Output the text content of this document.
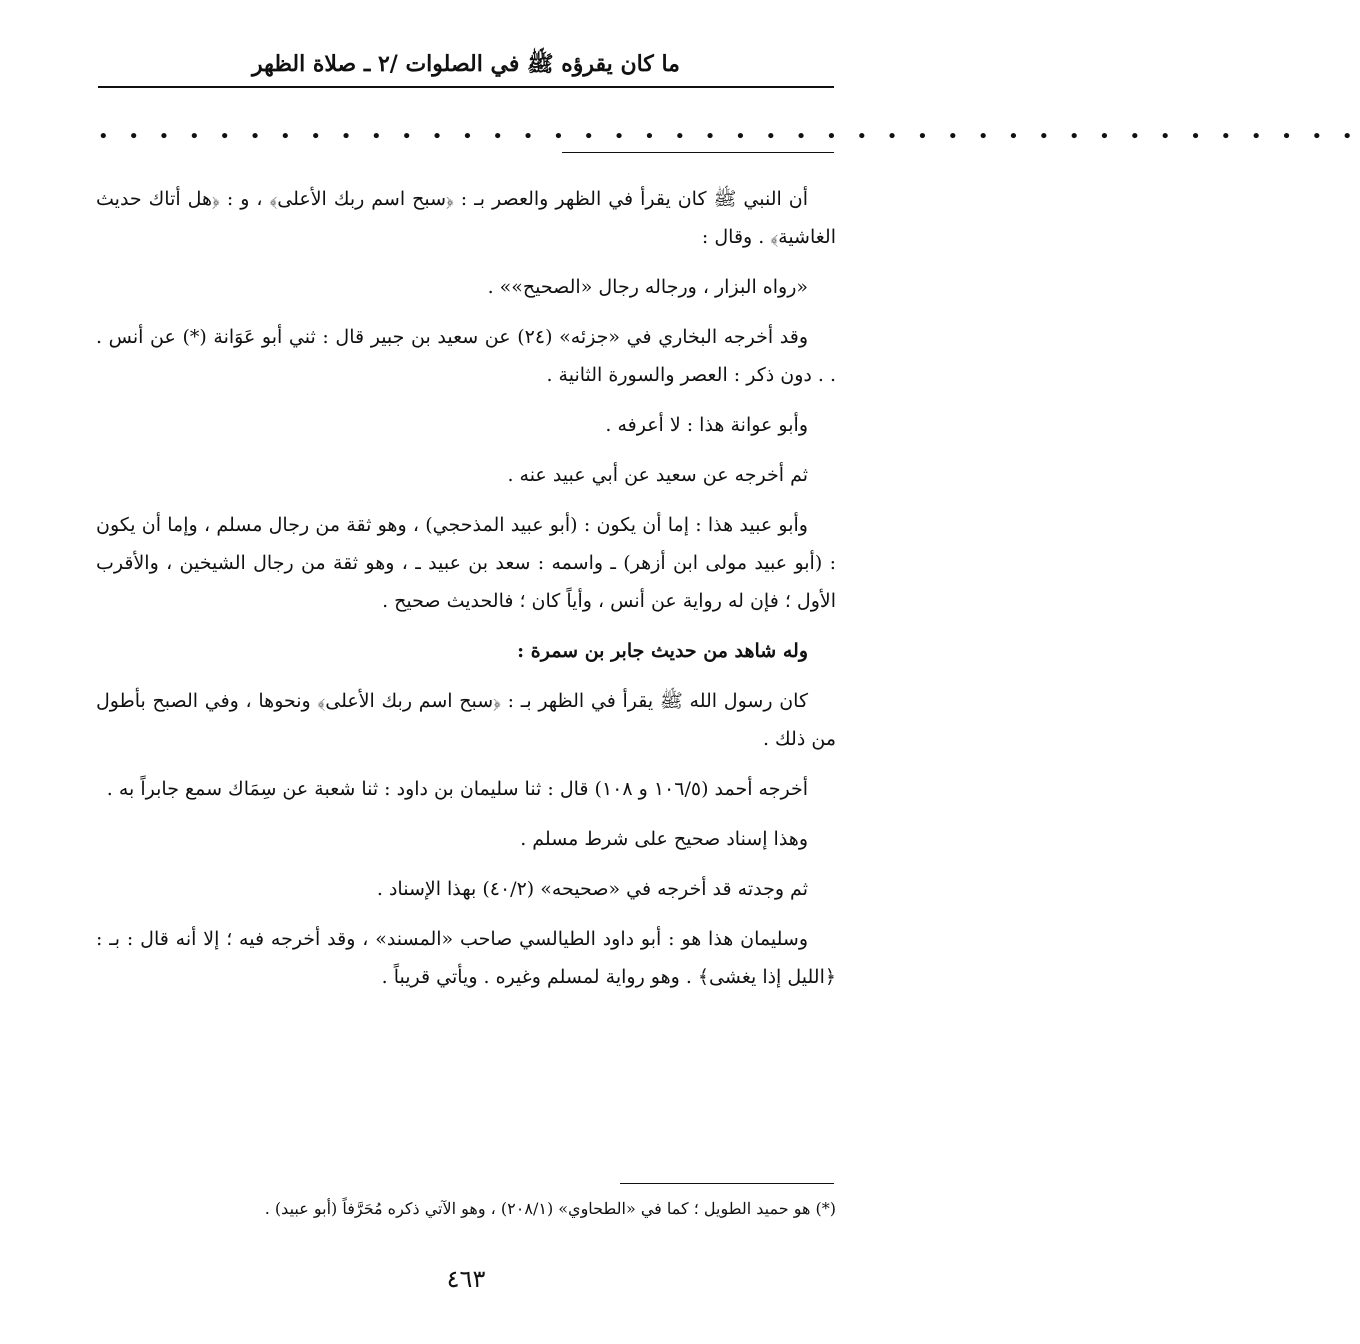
ما كان يقرؤه ﷺ في الصلوات /٢ ـ صلاة الظهر
• • • • • • • • • • • • • • • • • • • • • • • • • • • • • • • • • • • • • • • • • •

أن النبي ﷺ كان يقرأ في الظهر والعصر بـ : ﴿سبح اسم ربك الأعلى﴾ ، و : ﴿هل أتاك حديث الغاشية﴾ . وقال :

«رواه البزار ، ورجاله رجال «الصحيح»» .

وقد أخرجه البخاري في «جزئه» (٢٤) عن سعيد بن جبير قال : ثني أبو عَوَانة (*) عن أنس . . . دون ذكر : العصر والسورة الثانية .

وأبو عوانة هذا : لا أعرفه .

ثم أخرجه عن سعيد عن أبي عبيد عنه .

وأبو عبيد هذا : إما أن يكون : (أبو عبيد المذحجي) ، وهو ثقة من رجال مسلم ، وإما أن يكون : (أبو عبيد مولى ابن أزهر) ـ واسمه : سعد بن عبيد ـ ، وهو ثقة من رجال الشيخين ، والأقرب الأول ؛ فإن له رواية عن أنس ، وأياً كان ؛ فالحديث صحيح .

وله شاهد من حديث جابر بن سمرة :

كان رسول الله ﷺ يقرأ في الظهر بـ : ﴿سبح اسم ربك الأعلى﴾ ونحوها ، وفي الصبح بأطول من ذلك .

أخرجه أحمد (١٠٦/٥ و ١٠٨) قال : ثنا سليمان بن داود : ثنا شعبة عن سِمَاك سمع جابراً به .

وهذا إسناد صحيح على شرط مسلم .

ثم وجدته قد أخرجه في «صحيحه» (٤٠/٢) بهذا الإسناد .

وسليمان هذا هو : أبو داود الطيالسي صاحب «المسند» ، وقد أخرجه فيه ؛ إلا أنه قال : بـ : ﴿الليل إذا يغشى﴾ . وهو رواية لمسلم وغيره . ويأتي قريباً .

(*) هو حميد الطويل ؛ كما في «الطحاوي» (٢٠٨/١) ، وهو الآتي ذكره مُحَرَّفاً (أبو عبيد) .
٤٦٣
